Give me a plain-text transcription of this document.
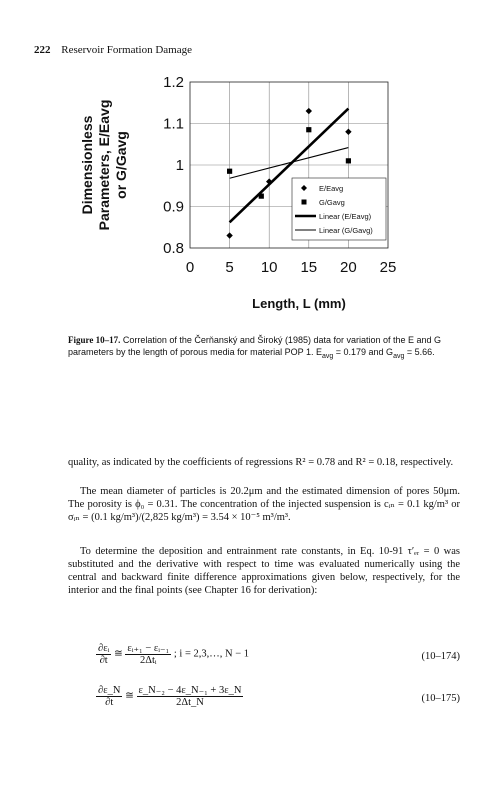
222 Reservoir Formation Damage
0.8
0.9
1
1.1
1.2
0 5 10 15 20 25
Length, L (mm)
Dimensionless Parameters, E/Eavg or G/Gavg	E/Eavg
G/Gavg
Linear (E/Eavg)
Linear (G/Gavg)
Figure 10–17. Correlation of the Čerňanský and Široký (1985) data for variation of the E and G parameters by the length of porous media for material POP 1. $E_{avg} = 0.179$ and $G_{avg} = 5.66$.
quality, as indicated by the coefficients of regressions R² = 0.78 and R² = 0.18, respectively.
The mean diameter of particles is 20.2μm and the estimated dimension of pores 50μm. The porosity is ϕ₀ = 0.31. The concentration of the injected suspension is cᵢₙ = 0.1 kg/m³ or σᵢₙ = (0.1 kg/m³)/(2,825 kg/m³) = 3.54 × 10⁻⁵ m³/m³.
To determine the deposition and entrainment rate constants, in Eq. 10-91 τ′ₑᵣ = 0 was substituted and the derivative with respect to time was evaluated numerically using the central and backward finite difference approximations given below, respectively, for the interior and the final points (see Chapter 16 for derivation):
$\frac{\text{∂εᵢ}}{\partial t}$ ≅ $\frac{\text{εᵢ₊₁ − εᵢ₋₁}}{\text{2Δtᵢ}}$ ; i = 2,3,…, N − 1	(10–174)
$\frac{\partial\varepsilon\_N}{\partial t}$ ≅ $\frac{\text{ε\_N₋₂ − 4ε\_N₋₁ + 3ε\_N}}{2\Delta t\_N}$	(10–175)
